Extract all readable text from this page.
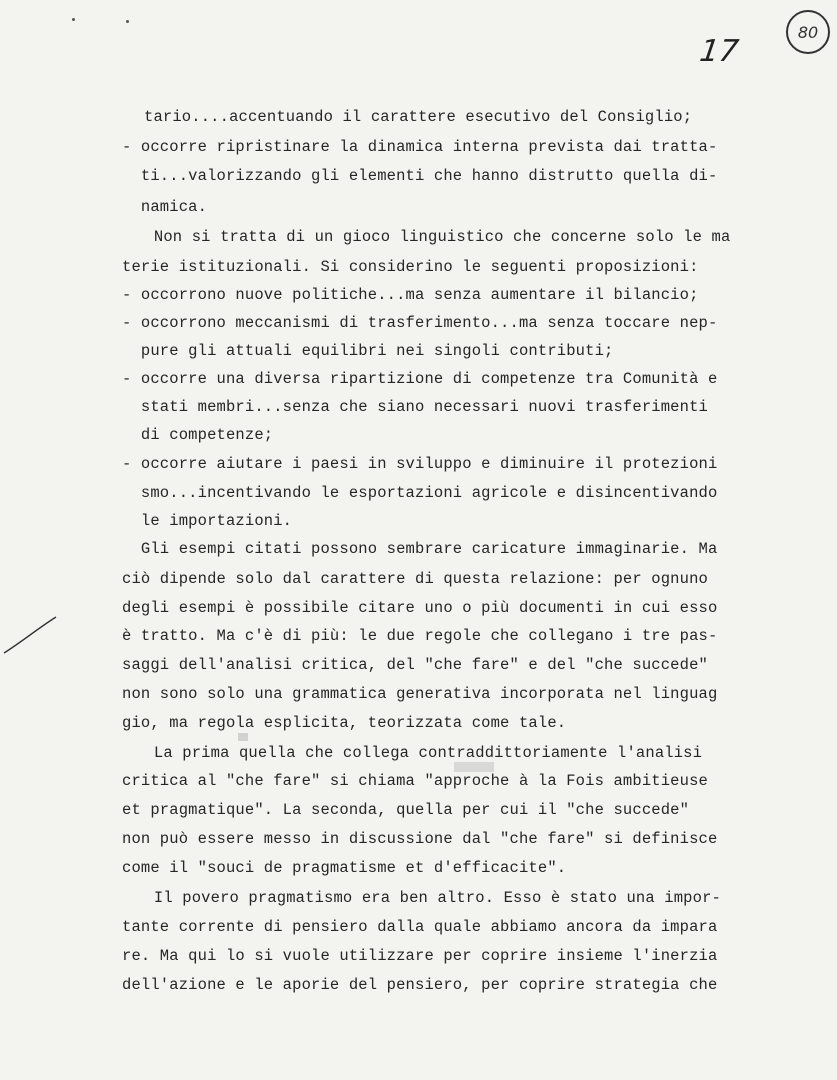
17
80
tario....accentuando il carattere esecutivo del Consiglio;
- occorre ripristinare la dinamica interna prevista dai tratta-
ti...valorizzando gli elementi che hanno distrutto quella di-
namica.
Non si tratta di un gioco linguistico che concerne solo le ma
terie istituzionali. Si considerino le seguenti proposizioni:
- occorrono nuove politiche...ma senza aumentare il bilancio;
- occorrono meccanismi di trasferimento...ma senza toccare nep-
pure gli attuali equilibri nei singoli contributi;
- occorre una diversa ripartizione di competenze tra Comunità e
stati membri...senza che siano necessari nuovi trasferimenti
di competenze;
- occorre aiutare i paesi in sviluppo e diminuire il protezioni
smo...incentivando le esportazioni agricole e disincentivando
le importazioni.
Gli esempi citati possono sembrare caricature immaginarie. Ma
ciò dipende solo dal carattere di questa relazione: per ognuno
degli esempi è possibile citare uno o più documenti in cui esso
è tratto. Ma c'è di più: le due regole che collegano i tre pas-
saggi dell'analisi critica, del "che fare" e del "che succede"
non sono solo una grammatica generativa incorporata nel linguag
gio, ma regola esplicita, teorizzata come tale.
La prima quella che collega contraddittoriamente l'analisi
critica al "che fare" si chiama "approche à la Fois ambitieuse
et pragmatique". La seconda, quella per cui il "che succede"
non può essere messo in discussione dal "che fare" si definisce
come il "souci de pragmatisme et d'efficacite".
Il povero pragmatismo era ben altro. Esso è stato una impor-
tante corrente di pensiero dalla quale abbiamo ancora da impara
re. Ma qui lo si vuole utilizzare per coprire insieme l'inerzia
dell'azione e le aporie del pensiero, per coprire strategia che
